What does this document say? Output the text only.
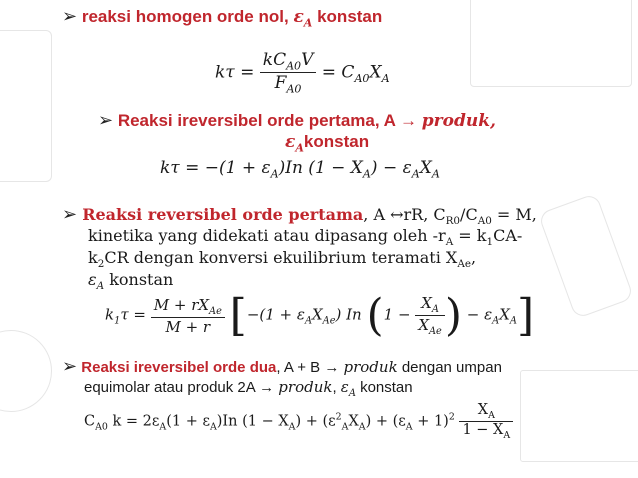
➢ reaksi homogen orde nol, $\varepsilon_A$ konstan
$k\tau = \frac{kC_{A0}V}{F_{A0}} = C_{A0}X_A$
➢ Reaksi ireversibel orde pertama, A → produk,
$\varepsilon_Akonstan$
$k\tau = -(1 + \varepsilon_A)In$ $(1 - X_A) - \varepsilon_AX_A$
➢ Reaksi reversibel orde pertama, A ↔rR, $C_{R0}/C_{A0} = M$,
kinetika yang didekati atau dipasang oleh $-r_A = k_1CA-$
$k_2CR$ dengan konversi ekuilibrium teramati $X_{Ae}$,
$\varepsilon_A$ konstan
$k_1\tau = \frac{M + rX_{Ae}}{M + r} [-(1 + \varepsilon_AX_{Ae})$ In ($1 - \frac{X_A}{X_{Ae}}$ ) − $\varepsilon_AX_A$]
➢ Reaksi ireversibel orde dua, A + B → produk dengan umpan
equimolar atau produk 2A → produk, $\varepsilon_A$ konstan
$C_{A0}$ $k = 2\varepsilon_A(1 + \varepsilon_A)In$ $(1 - X_A) + (\varepsilon^2_AX_A) + (\varepsilon_A + 1)^2 \frac{X_A}{1 - X_A}$
